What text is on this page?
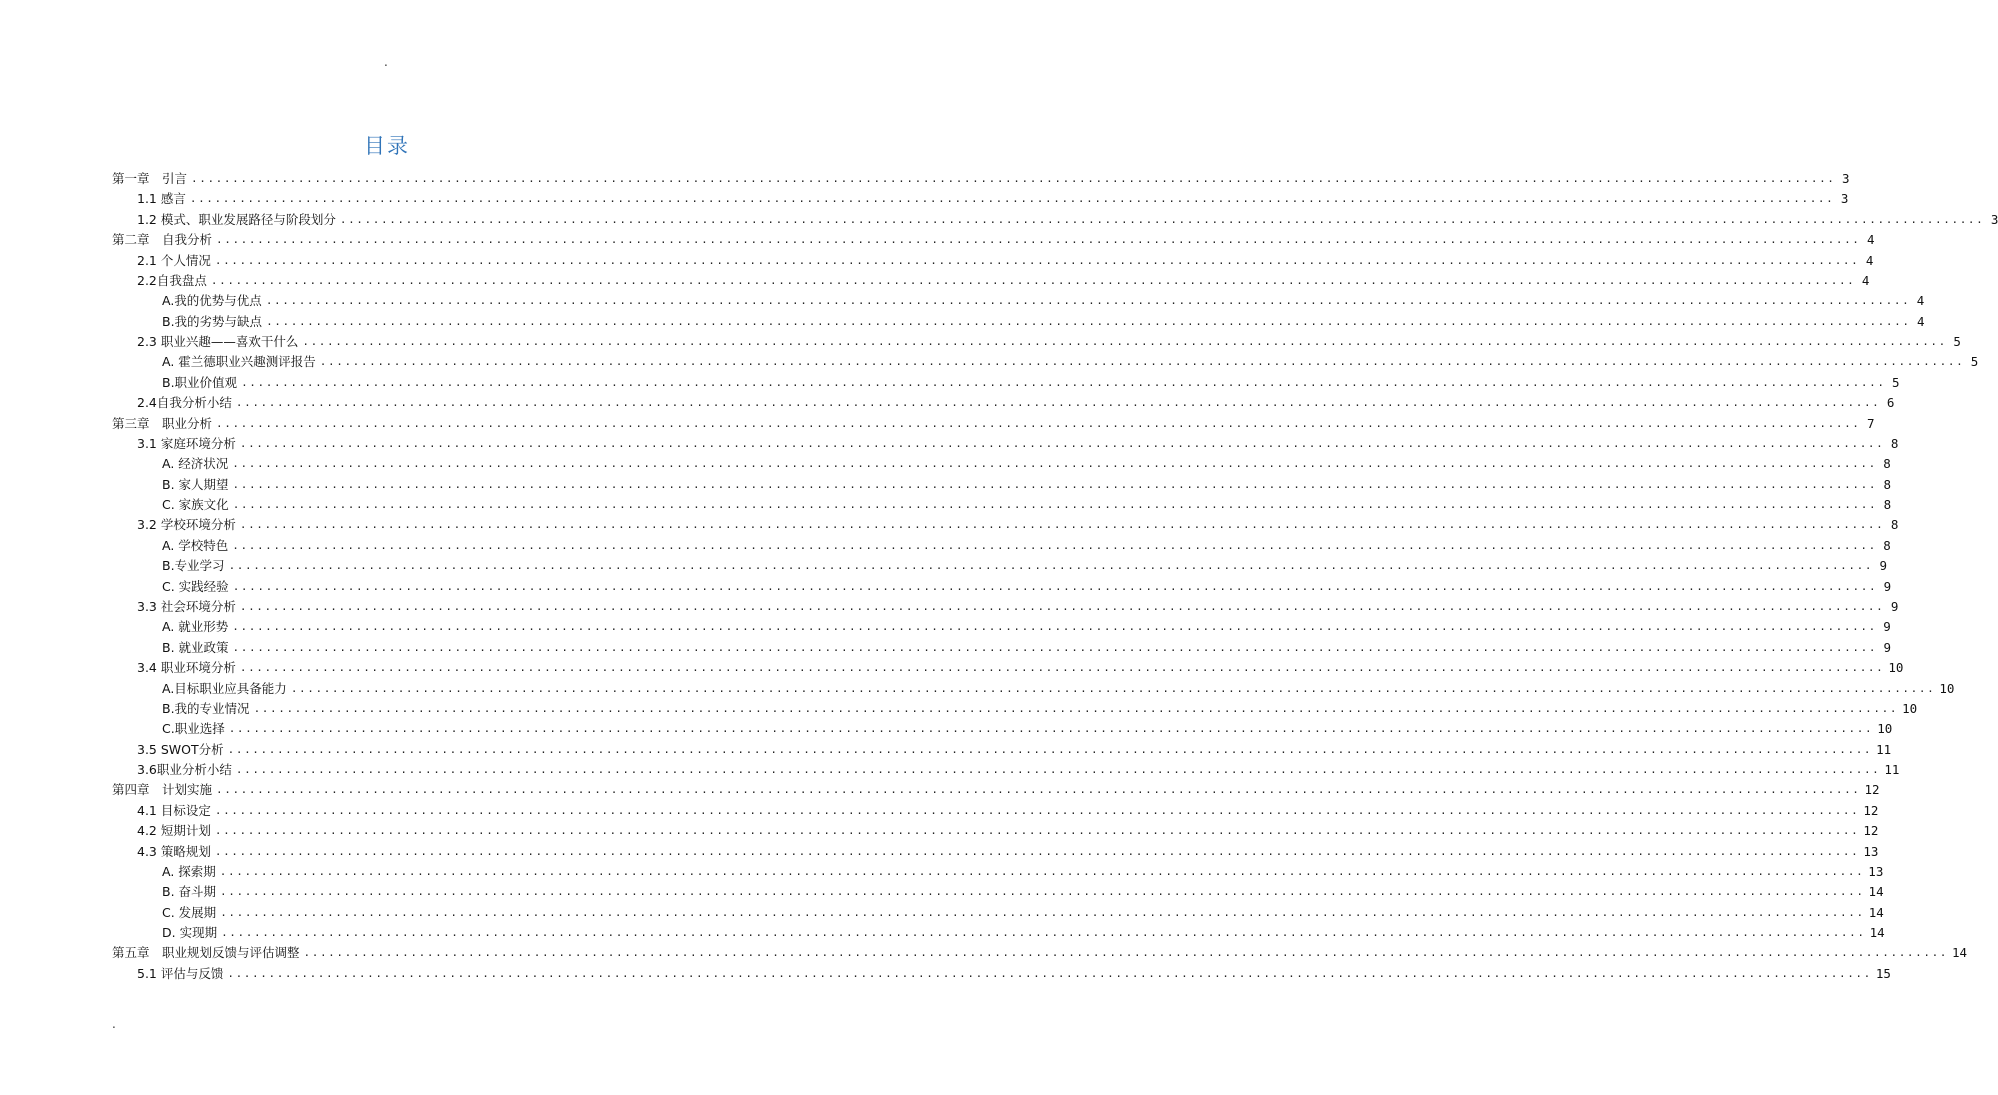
.
目录
第一章　引言 ........................................................................................................................................................................................................ 3
1.1 感言 ........................................................................................................................................................................................................ 3
1.2 模式、职业发展路径与阶段划分 ........................................................................................................................................................................................................ 3
第二章　自我分析 ........................................................................................................................................................................................................ 4
2.1 个人情况 ........................................................................................................................................................................................................ 4
2.2自我盘点 ........................................................................................................................................................................................................ 4
A.我的优势与优点 ........................................................................................................................................................................................................ 4
B.我的劣势与缺点 ........................................................................................................................................................................................................ 4
2.3 职业兴趣——喜欢干什么 ........................................................................................................................................................................................................ 5
A. 霍兰德职业兴趣测评报告 ........................................................................................................................................................................................................ 5
B.职业价值观 ........................................................................................................................................................................................................ 5
2.4自我分析小结 ........................................................................................................................................................................................................ 6
第三章　职业分析 ........................................................................................................................................................................................................ 7
3.1 家庭环境分析 ........................................................................................................................................................................................................ 8
A. 经济状况 ........................................................................................................................................................................................................ 8
B. 家人期望 ........................................................................................................................................................................................................ 8
C. 家族文化 ........................................................................................................................................................................................................ 8
3.2 学校环境分析 ........................................................................................................................................................................................................ 8
A. 学校特色 ........................................................................................................................................................................................................ 8
B.专业学习 ........................................................................................................................................................................................................ 9
C. 实践经验 ........................................................................................................................................................................................................ 9
3.3 社会环境分析 ........................................................................................................................................................................................................ 9
A. 就业形势 ........................................................................................................................................................................................................ 9
B. 就业政策 ........................................................................................................................................................................................................ 9
3.4 职业环境分析 ........................................................................................................................................................................................................ 10
A.目标职业应具备能力 ........................................................................................................................................................................................................ 10
B.我的专业情况 ........................................................................................................................................................................................................ 10
C.职业选择 ........................................................................................................................................................................................................ 10
3.5 SWOT分析 ........................................................................................................................................................................................................ 11
3.6职业分析小结 ........................................................................................................................................................................................................ 11
第四章　计划实施 ........................................................................................................................................................................................................ 12
4.1 目标设定 ........................................................................................................................................................................................................ 12
4.2 短期计划 ........................................................................................................................................................................................................ 12
4.3 策略规划 ........................................................................................................................................................................................................ 13
A. 探索期 ........................................................................................................................................................................................................ 13
B. 奋斗期 ........................................................................................................................................................................................................ 14
C. 发展期 ........................................................................................................................................................................................................ 14
D. 实现期 ........................................................................................................................................................................................................ 14
第五章　职业规划反馈与评估调整 ........................................................................................................................................................................................................ 14
5.1 评估与反馈 ........................................................................................................................................................................................................ 15
.
